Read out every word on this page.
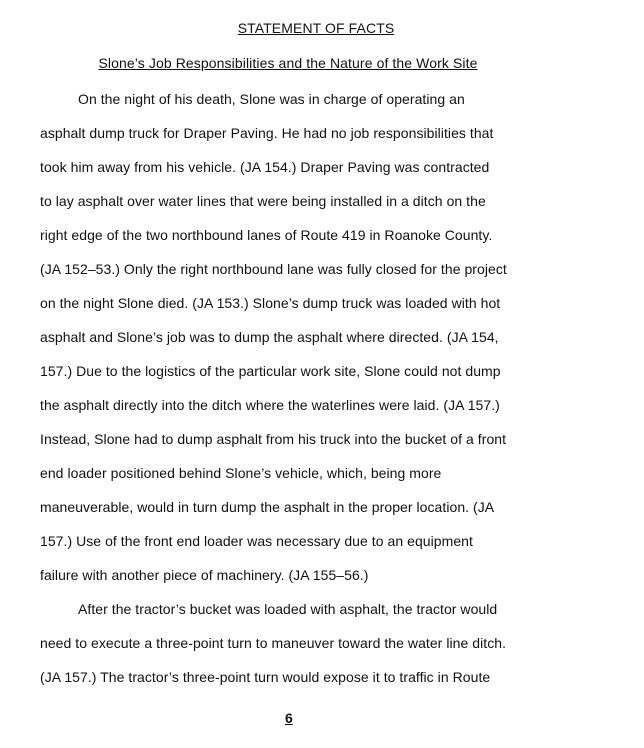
STATEMENT OF FACTS
Slone’s Job Responsibilities and the Nature of the Work Site
On the night of his death, Slone was in charge of operating an
asphalt dump truck for Draper Paving. He had no job responsibilities that
took him away from his vehicle. (JA 154.) Draper Paving was contracted
to lay asphalt over water lines that were being installed in a ditch on the
right edge of the two northbound lanes of Route 419 in Roanoke County.
(JA 152–53.) Only the right northbound lane was fully closed for the project
on the night Slone died. (JA 153.) Slone’s dump truck was loaded with hot
asphalt and Slone’s job was to dump the asphalt where directed. (JA 154,
157.) Due to the logistics of the particular work site, Slone could not dump
the asphalt directly into the ditch where the waterlines were laid. (JA 157.)
Instead, Slone had to dump asphalt from his truck into the bucket of a front
end loader positioned behind Slone’s vehicle, which, being more
maneuverable, would in turn dump the asphalt in the proper location. (JA
157.) Use of the front end loader was necessary due to an equipment
failure with another piece of machinery. (JA 155–56.)
After the tractor’s bucket was loaded with asphalt, the tractor would
need to execute a three-point turn to maneuver toward the water line ditch.
(JA 157.) The tractor’s three-point turn would expose it to traffic in Route
6
